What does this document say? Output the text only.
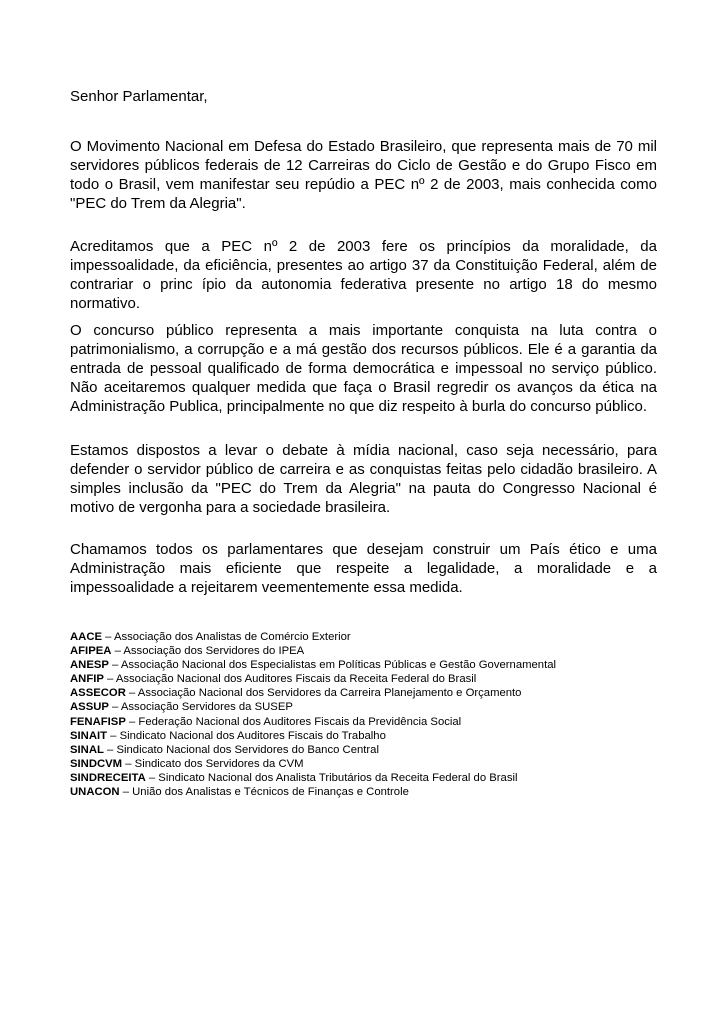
Senhor Parlamentar,

O Movimento Nacional em Defesa do Estado Brasileiro, que representa mais de 70 mil servidores públicos federais de 12 Carreiras do Ciclo de Gestão e do Grupo Fisco em todo o Brasil, vem manifestar seu repúdio a PEC nº 2 de 2003, mais conhecida como "PEC do Trem da Alegria".

Acreditamos que a PEC nº 2 de 2003 fere os princípios da moralidade, da impessoalidade, da eficiência, presentes ao artigo 37 da Constituição Federal, além de contrariar o princ ípio da autonomia federativa presente no artigo 18 do mesmo normativo.

O concurso público representa a mais importante conquista na luta contra o patrimonialismo, a corrupção e a má gestão dos recursos públicos. Ele é a garantia da entrada de pessoal qualificado de forma democrática e impessoal no serviço público. Não aceitaremos qualquer medida que faça o Brasil regredir os avanços da ética na Administração Publica, principalmente no que diz respeito à burla do concurso público.

Estamos dispostos a levar o debate à mídia nacional, caso seja necessário, para defender o servidor público de carreira e as conquistas feitas pelo cidadão brasileiro. A simples inclusão da "PEC do Trem da Alegria" na pauta do Congresso Nacional é motivo de vergonha para a sociedade brasileira.

Chamamos todos os parlamentares que desejam construir um País ético e uma Administração mais eficiente que respeite a legalidade, a moralidade e a impessoalidade a rejeitarem veementemente essa medida.

AACE – Associação dos Analistas de Comércio Exterior
AFIPEA – Associação dos Servidores do IPEA
ANESP – Associação Nacional dos Especialistas em Políticas Públicas e Gestão Governamental
ANFIP – Associação Nacional dos Auditores Fiscais da Receita Federal do Brasil
ASSECOR – Associação Nacional dos Servidores da Carreira Planejamento e Orçamento
ASSUP – Associação Servidores da SUSEP
FENAFISP – Federação Nacional dos Auditores Fiscais da Previdência Social
SINAIT – Sindicato Nacional dos Auditores Fiscais do Trabalho
SINAL – Sindicato Nacional dos Servidores do Banco Central
SINDCVM – Sindicato dos Servidores da CVM
SINDRECEITA – Sindicato Nacional dos Analista Tributários da Receita Federal do Brasil
UNACON – União dos Analistas e Técnicos de Finanças e Controle
